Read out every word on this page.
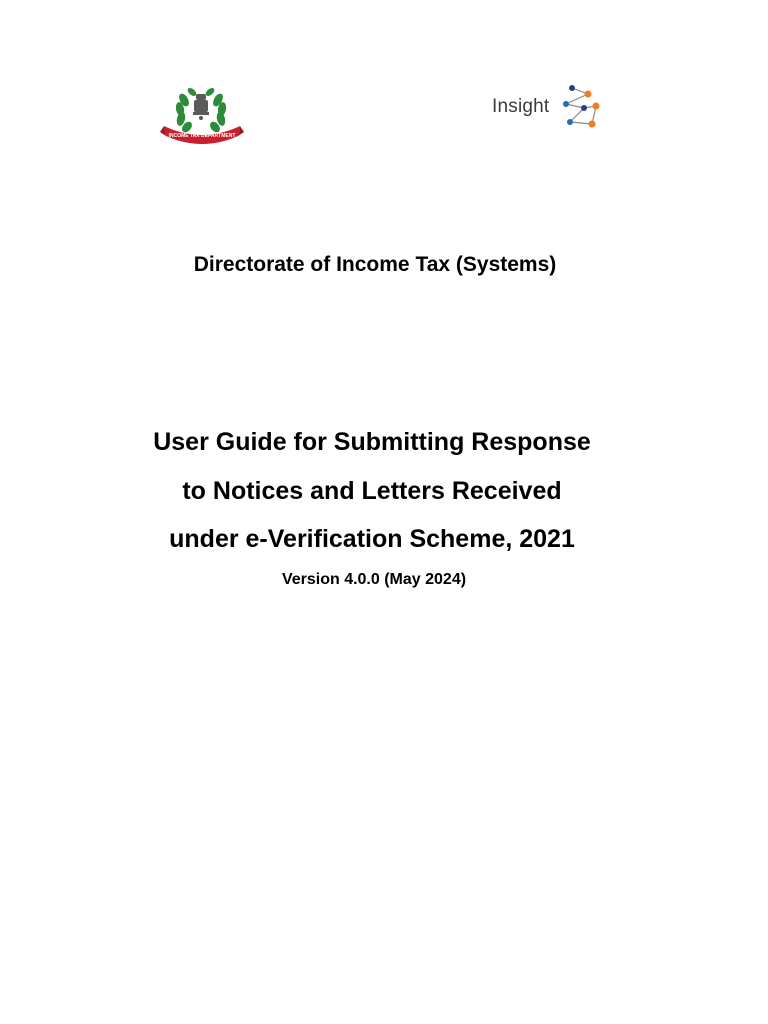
INCOME TAX DEPARTMENT
Insight
Directorate of Income Tax (Systems)
User Guide for Submitting Response
to Notices and Letters Received
under e-Verification Scheme, 2021
Version 4.0.0 (May 2024)
